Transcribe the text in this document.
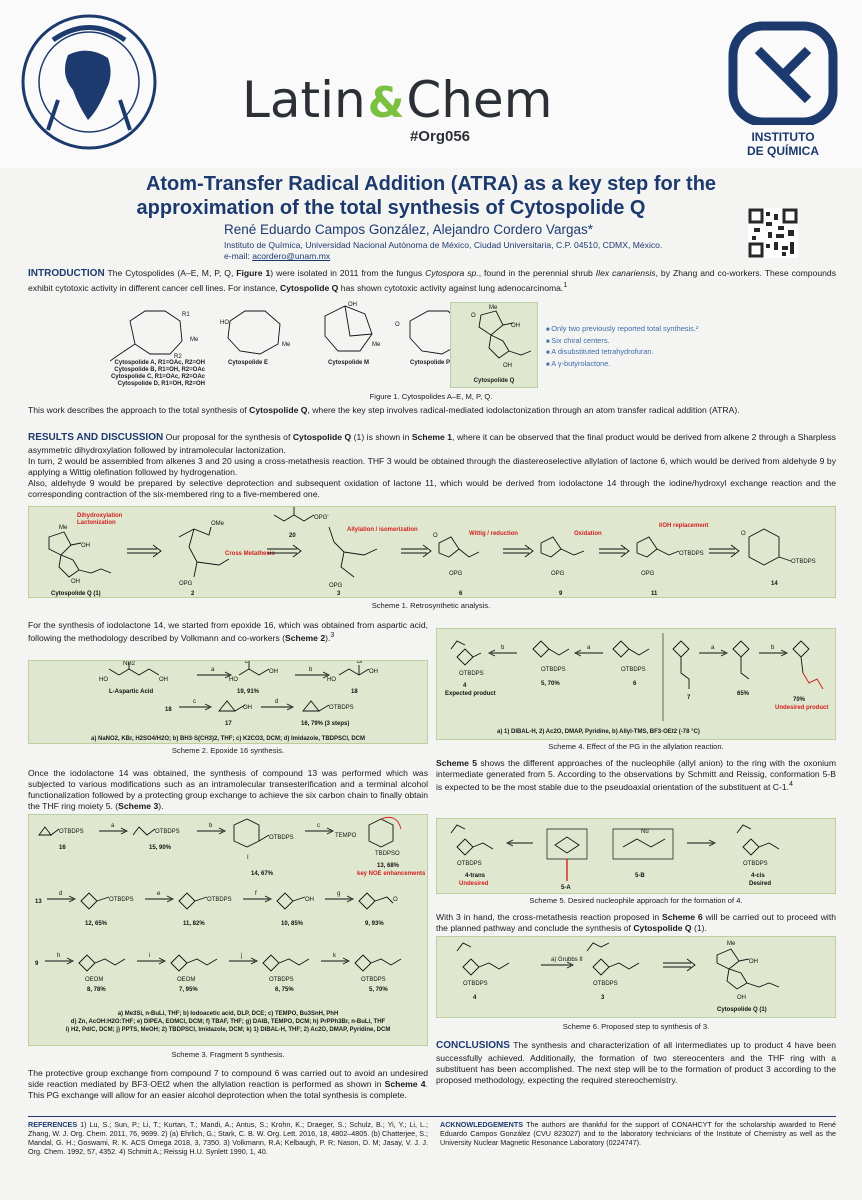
Latin&Chem
#Org056	INSTITUTO
DE QUÍMICA
Atom-Transfer Radical Addition (ATRA) as a key step for the
approximation of the total synthesis of Cytospolide Q
René Eduardo Campos González, Alejandro Cordero Vargas*
Instituto de Química, Universidad Nacional Autónoma de México, Ciudad Universitaria, C.P. 04510, CDMX, México.
e-mail: acordero@unam.mx

INTRODUCTION The Cytospolides (A–E, M, P, Q, Figure 1) were isolated in 2011 from the fungus Cytospora sp., found in the perennial shrub Ilex canariensis, by Zhang and co-workers. These compounds exhibit cytotoxic activity in different cancer cell lines. For instance, Cytospolide Q has shown cytotoxic activity against lung adenocarcinoma.$^1$

R1
R2
Me
HO
Me
OH
Me
O
Cytospolide A, R1=OAc, R2=OH
Cytospolide B, R1=OH, R2=OAc
Cytospolide C, R1=OAc, R2=OAc
Cytospolide D, R1=OH, R2=OH
Cytospolide E	Cytospolide M	Cytospolide P
Me
OH
O
OH
Cytospolide Q
■ Only two previously reported total synthesis.²
■ Six chiral centers.
■ A disubstituted tetrahydrofuran.
■ A γ-butyrolactone.
Figure 1. Cytospolides A–E, M, P, Q.

This work describes the approach to the total synthesis of Cytospolide Q, where the key step involves radical-mediated iodolactonization through an atom transfer radical addition (ATRA).

RESULTS AND DISCUSSION Our proposal for the synthesis of Cytospolide Q (1) is shown in Scheme 1, where it can be observed that the final product would be derived from alkene 2 through a Sharpless asymmetric dihydroxylation followed by intramolecular lactonization.

In turn, 2 would be assembled from alkenes 3 and 20 using a cross-metathesis reaction. THF 3 would be obtained through the diastereoselective allylation of lactone 6, which would be derived from aldehyde 9 by applying a Wittig olefination followed by hydrogenation.

Also, aldehyde 9 would be prepared by selective deprotection and subsequent oxidation of lactone 11, which would be derived from iodolactone 14 through the iodine/hydroxyl exchange reaction and the corresponding contraction of the six-membered ring to a five-membered one.

Me
OH
OH
Dihydroxylation
Lactonization
Cytospolide Q (1)
OMe
OPG
Cross Metathesis
2
OPG'
20
OPG
Allylation / isomerization
3
O
OPG
Wittig / reduction
6
OPG
Oxidation
9
OTBDPS
OPG
I/OH replacement
11
OTBDPS
O
14
Scheme 1. Retrosynthetic analysis.

For the synthesis of iodolactone 14, we started from epoxide 16, which was obtained from aspartic acid, following the methodology described by Volkmann and co-workers (Scheme 2).$^3$

NH2
HO	OH
L-Aspartic Acid
a
Br
HO
OH
19, 91%
b
Br
HO
OH
18
18
c
OH
17
d
OTBDPS
16, 79% (3 steps)
a) NaNO2, KBr, H2SO4/H2O; b) BH3·S(CH3)2, THF; c) K2CO3, DCM; d) Imidazole, TBDPSCl, DCM
Scheme 2. Epoxide 16 synthesis.

Once the iodolactone 14 was obtained, the synthesis of compound 13 was performed which was subjected to various modifications such as an intramolecular transesterification and a terminal alcohol functionalization followed by a protecting group exchange to achieve the six carbon chain to finally obtain the THF ring moiety 5. (Scheme 3).

OTBDPS
16
a
OTBDPS
15, 90%
b
OTBDPS
I
14, 67%
c
TEMPO
TBDPSO
13, 68%
key NOE enhancements
13
d
OTBDPS
12, 65%
e
OTBDPS
11, 82%
f
OH
10, 85%
g
O
9, 93%
9
h
OEOM
8, 78%
i
OEOM
7, 95%
j
OTBDPS
6, 75%
k
OTBDPS
5, 70%
a) Me3Si, n-BuLi, THF; b) Iodoacetic acid, DLP, DCE; c) TEMPO, Bu3SnH, PhH
d) Zn, AcOH:H2O:THF; e) DIPEA, EOMCl, DCM; f) TBAF, THF; g) DAIB, TEMPO, DCM; h) PrPPh3Br, n-BuLi, THF
i) H2, Pd/C, DCM; j) PPTS, MeOH; 2) TBDPSCl, Imidazole, DCM; k) 1) DIBAL-H, THF; 2) Ac2O, DMAP, Pyridine, DCM
Scheme 3. Fragment 5 synthesis.

The protective group exchange from compound 7 to compound 6 was carried out to avoid an undesired side reaction mediated by BF3·OEt2 when the allylation reaction is performed as shown in Scheme 4. This PG exchange will allow for an easier alcohol deprotection when the total synthesis is complete.

OTBDPS
4
Expected product
b
OTBDPS
5, 70%
a
OTBDPS
6
7
a
65%
b
70%
Undesired product
a) 1) DIBAL-H, 2) Ac2O, DMAP, Pyridine, b) Allyl-TMS, BF3·OEt2 (-78 °C)
Scheme 4. Effect of the PG in the allylation reaction.

Scheme 5 shows the different approaches of the nucleophile (allyl anion) to the ring with the oxonium intermediate generated from 5. According to the observations by Schmitt and Reissig, conformation 5-B is expected to be the most stable due to the pseudoaxial orientation of the substituent at C-1.$^4$

OTBDPS
4-trans
Undesired
5-A
Nu
5-B
OTBDPS
4-cis
Desired
Scheme 5. Desired nucleophile approach for the formation of 4.

With 3 in hand, the cross-metathesis reaction proposed in Scheme 6 will be carried out to proceed with the planned pathway and conclude the synthesis of Cytospolide Q (1).

OTBDPS
4
a) Grubbs II
OTBDPS
3
Me
OH
OH
Cytospolide Q (1)
Scheme 6. Proposed step to synthesis of 3.

CONCLUSIONS The synthesis and characterization of all intermediates up to product 4 have been successfully achieved. Additionally, the formation of two stereocenters and the THF ring with a substituent has been accomplished. The next step will be to the formation of product 3 according to the proposed methodology, expecting the required stereochemistry.

REFERENCES 1) Lu, S.; Sun, P.; Li, T.; Kurtan, T.; Mandi, A.; Antus, S.; Krohn, K.; Draeger, S.; Schulz, B.; Yi, Y.; Li, L.; Zhang, W. J. Org. Chem. 2011, 76, 9699. 2) (a) Ehrlich, G.; Stark, C. B. W. Org. Lett. 2016, 18, 4802–4805. (b) Chatterjee, S.; Mandal, G. H.; Goswami, R. K. ACS Omega 2018, 3, 7350. 3) Volkmann, R.A; Kelbaugh, P. R; Nason, D. M; Jasay, V. J. J. Org. Chem. 1992, 57, 4352. 4) Schmitt A.; Reissig H.U. Synlett 1990, 1, 40.

ACKNOWLEDGEMENTS The authors are thankful for the support of CONAHCYT for the scholarship awarded to René Eduardo Campos González (CVU 823027) and to the laboratory technicians of the Institute of Chemistry as well as the University Nuclear Magnetic Resonance Laboratory (0224747).
